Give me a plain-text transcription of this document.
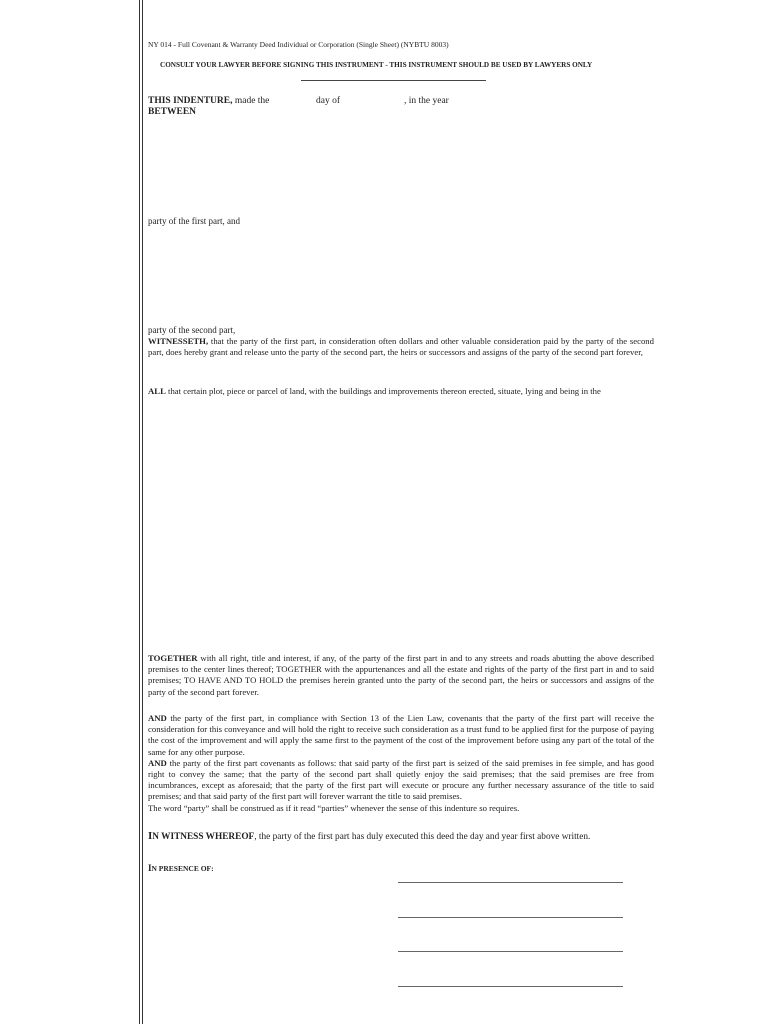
NY 014 - Full Covenant & Warranty Deed Individual or Corporation (Single Sheet) (NYBTU 8003)
CONSULT YOUR LAWYER BEFORE SIGNING THIS INSTRUMENT - THIS INSTRUMENT SHOULD BE USED BY LAWYERS ONLY
THIS INDENTURE, made the	day of	, in the year
BETWEEN
party of the first part, and
party of the second part,
WITNESSETH, that the party of the first part, in consideration often dollars and other valuable consideration paid by the party of the second part, does hereby grant and release unto the party of the second part, the heirs or successors and assigns of the party of the second part forever,
ALL that certain plot, piece or parcel of land, with the buildings and improvements thereon erected, situate, lying and being in the
TOGETHER with all right, title and interest, if any, of the party of the first part in and to any streets and roads abutting the above described premises to the center lines thereof; TOGETHER with the appurtenances and all the estate and rights of the party of the first part in and to said premises; TO HAVE AND TO HOLD the premises herein granted unto the party of the second part, the heirs or successors and assigns of the party of the second part forever.
AND the party of the first part, in compliance with Section 13 of the Lien Law, covenants that the party of the first part will receive the consideration for this conveyance and will hold the right to receive such consideration as a trust fund to be applied first for the purpose of paying the cost of the improvement and will apply the same first to the payment of the cost of the improvement before using any part of the total of the same for any other purpose.
AND the party of the first part covenants as follows: that said party of the first part is seized of the said premises in fee simple, and has good right to convey the same; that the party of the second part shall quietly enjoy the said premises; that the said premises are free from incumbrances, except as aforesaid; that the party of the first part will execute or procure any further necessary assurance of the title to said premises; and that said party of the first part will forever warrant the title to said premises.
The word “party” shall be construed as if it read “parties” whenever the sense of this indenture so requires.
IN WITNESS WHEREOF, the party of the first part has duly executed this deed the day and year first above written.
IN PRESENCE OF:
